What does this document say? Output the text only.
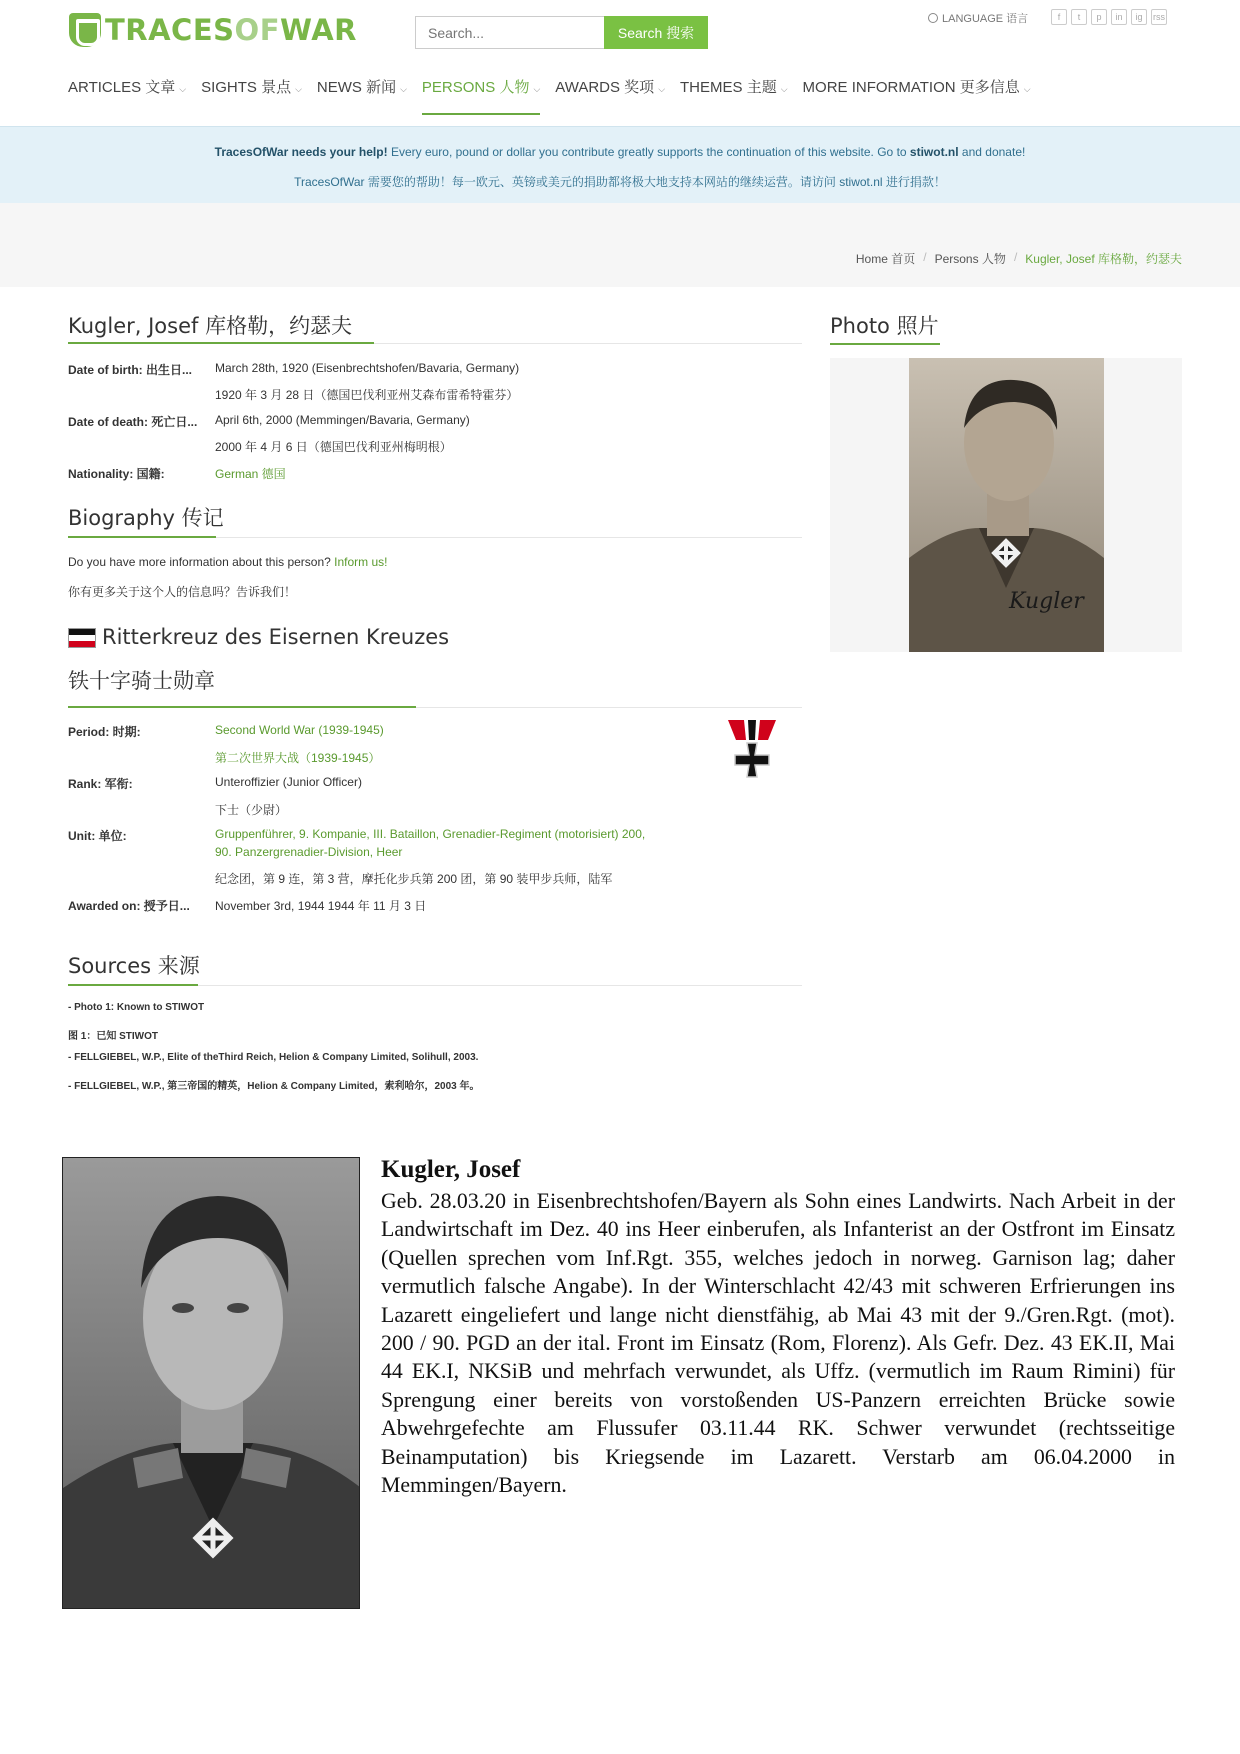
TRACESOFWAR
Search...	Search 搜索
LANGUAGE 语言	f	t	p	in	ig	rss
ARTICLES 文章 ⌵ SIGHTS 景点 ⌵ NEWS 新闻 ⌵ PERSONS 人物 ⌵ AWARDS 奖项 ⌵ THEMES 主题 ⌵ MORE INFORMATION 更多信息 ⌵
TracesOfWar needs your help! Every euro, pound or dollar you contribute greatly supports the continuation of this website. Go to stiwot.nl and donate!
TracesOfWar 需要您的帮助！每一欧元、英镑或美元的捐助都将极大地支持本网站的继续运营。请访问 stiwot.nl 进行捐款！
Home 首页 / Persons 人物 / Kugler, Josef 库格勒，约瑟夫
Kugler, Josef 库格勒，约瑟夫
Date of birth: 出生日... March 28th, 1920 (Eisenbrechtshofen/Bavaria, Germany)
1920 年 3 月 28 日（德国巴伐利亚州艾森布雷希特霍芬）
Date of death: 死亡日... April 6th, 2000 (Memmingen/Bavaria, Germany)
2000 年 4 月 6 日（德国巴伐利亚州梅明根）
Nationality: 国籍:	German 德国
Photo 照片
Kugler
Biography 传记
Do you have more information about this person? Inform us!
你有更多关于这个人的信息吗？告诉我们！
Ritterkreuz des Eisernen Kreuzes
铁十字骑士勋章
Period: 时期:	Second World War (1939-1945)
第二次世界大战（1939-1945）
Rank: 军衔:	Unteroffizier (Junior Officer)
下士（少尉）
Unit: 单位:	Gruppenführer, 9. Kompanie, III. Bataillon, Grenadier-Regiment (motorisiert) 200,
90. Panzergrenadier-Division, Heer
纪念团，第 9 连，第 3 营，摩托化步兵第 200 团，第 90 装甲步兵师，陆军
Awarded on: 授予日... November 3rd, 1944 1944 年 11 月 3 日
Sources 来源
- Photo 1: Known to STIWOT
图 1：已知 STIWOT
- FELLGIEBEL, W.P., Elite of theThird Reich, Helion & Company Limited, Solihull, 2003.
- FELLGIEBEL, W.P., 第三帝国的精英，Helion & Company Limited，索利哈尔，2003 年。
Kugler, Josef
Geb. 28.03.20 in Eisenbrechtshofen/Bayern als Sohn eines Landwirts. Nach Arbeit in der Landwirtschaft im Dez. 40 ins Heer einberufen, als Infanterist an der Ostfront im Einsatz (Quellen sprechen vom Inf.Rgt. 355, welches jedoch in norweg. Garnison lag; daher vermutlich falsche Angabe). In der Winterschlacht 42/43 mit schweren Erfrierungen ins Lazarett eingeliefert und lange nicht dienstfähig, ab Mai 43 mit der 9./Gren.Rgt. (mot). 200 / 90. PGD an der ital. Front im Einsatz (Rom, Florenz). Als Gefr. Dez. 43 EK.II, Mai 44 EK.I, NKSiB und mehrfach verwundet, als Uffz. (vermutlich im Raum Rimini) für Sprengung einer bereits von vorstoßenden US-Panzern erreichten Brücke sowie Abwehrgefechte am Flussufer 03.11.44 RK. Schwer verwundet (rechtsseitige Beinamputation) bis Kriegsende im Lazarett. Verstarb am 06.04.2000 in Memmingen/Bayern.
